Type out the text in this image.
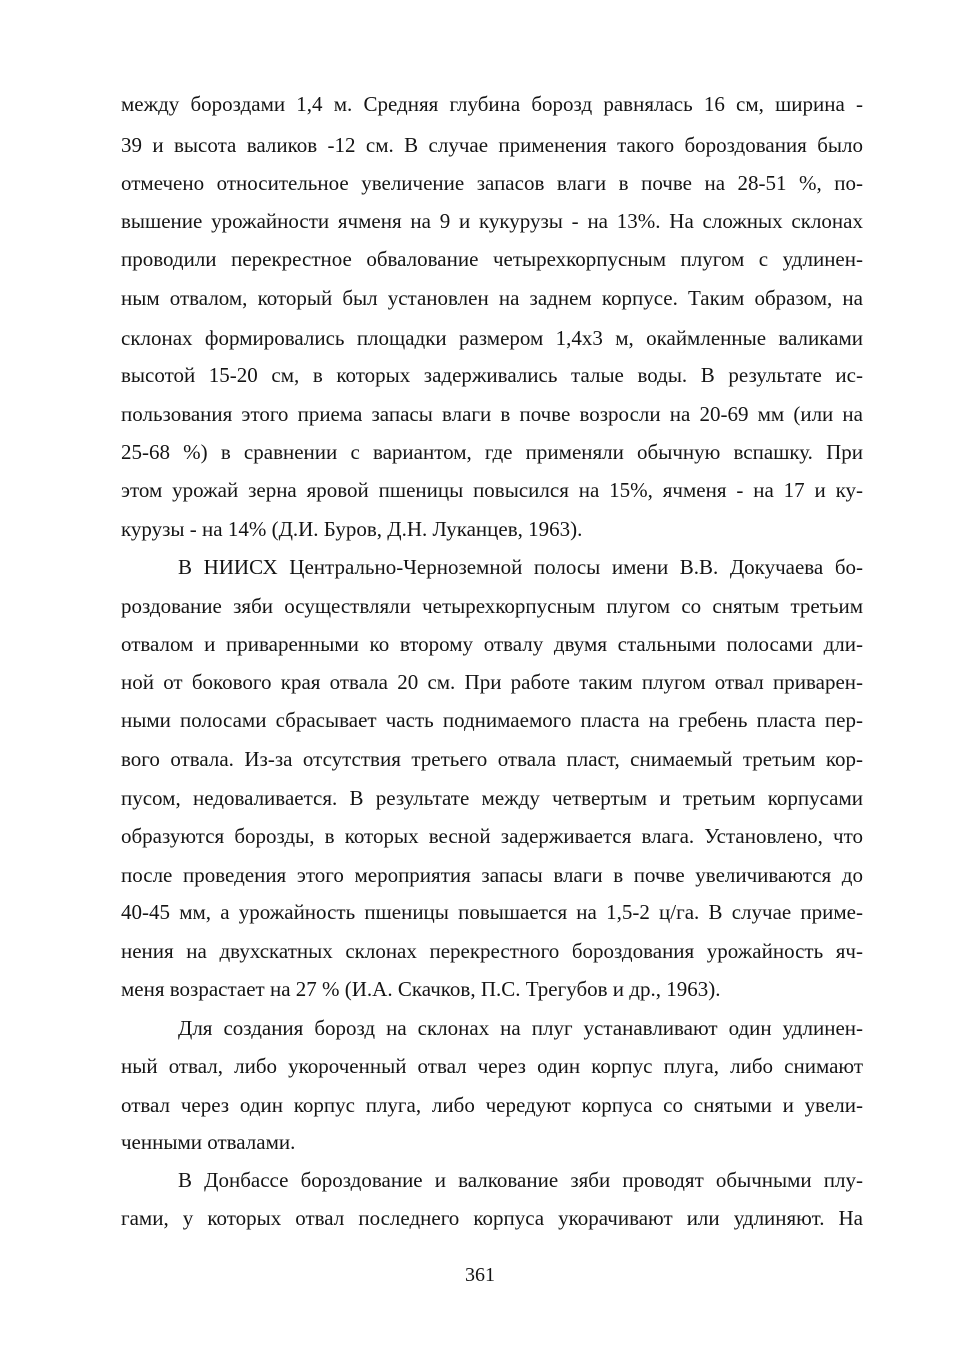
между бороздами 1,4 м. Средняя глубина борозд равнялась 16 см, ширина -
39 и высота валиков -12 см. В случае применения такого бороздования было
отмечено относительное увеличение запасов влаги в почве на 28-51 %, по-
вышение урожайности ячменя на 9 и кукурузы - на 13%. На сложных склонах
проводили перекрестное обвалование четырехкорпусным плугом с удлинен-
ным отвалом, который был установлен на заднем корпусе. Таким образом, на
склонах формировались площадки размером 1,4x3 м, окаймленные валиками
высотой 15-20 см, в которых задерживались талые воды. В результате ис-
пользования этого приема запасы влаги в почве возросли на 20-69 мм (или на
25-68 %) в сравнении с вариантом, где применяли обычную вспашку. При
этом урожай зерна яровой пшеницы повысился на 15%, ячменя - на 17 и ку-
курузы - на 14% (Д.И. Буров, Д.Н. Луканцев, 1963).
В НИИСХ Центрально-Черноземной полосы имени В.В. Докучаева бо-
роздование зяби осуществляли четырехкорпусным плугом со снятым третьим
отвалом и приваренными ко второму отвалу двумя стальными полосами дли-
ной от бокового края отвала 20 см. При работе таким плугом отвал приварен-
ными полосами сбрасывает часть поднимаемого пласта на гребень пласта пер-
вого отвала. Из-за отсутствия третьего отвала пласт, снимаемый третьим кор-
пусом, недоваливается. В результате между четвертым и третьим корпусами
образуются борозды, в которых весной задерживается влага. Установлено, что
после проведения этого мероприятия запасы влаги в почве увеличиваются до
40-45 мм, а урожайность пшеницы повышается на 1,5-2 ц/га. В случае приме-
нения на двухскатных склонах перекрестного бороздования урожайность яч-
меня возрастает на 27 % (И.А. Скачков, П.С. Трегубов и др., 1963).
Для создания борозд на склонах на плуг устанавливают один удлинен-
ный отвал, либо укороченный отвал через один корпус плуга, либо снимают
отвал через один корпус плуга, либо чередуют корпуса со снятыми и увели-
ченными отвалами.
В Донбассе бороздование и валкование зяби проводят обычными плу-
гами, у которых отвал последнего корпуса укорачивают или удлиняют. На
361
